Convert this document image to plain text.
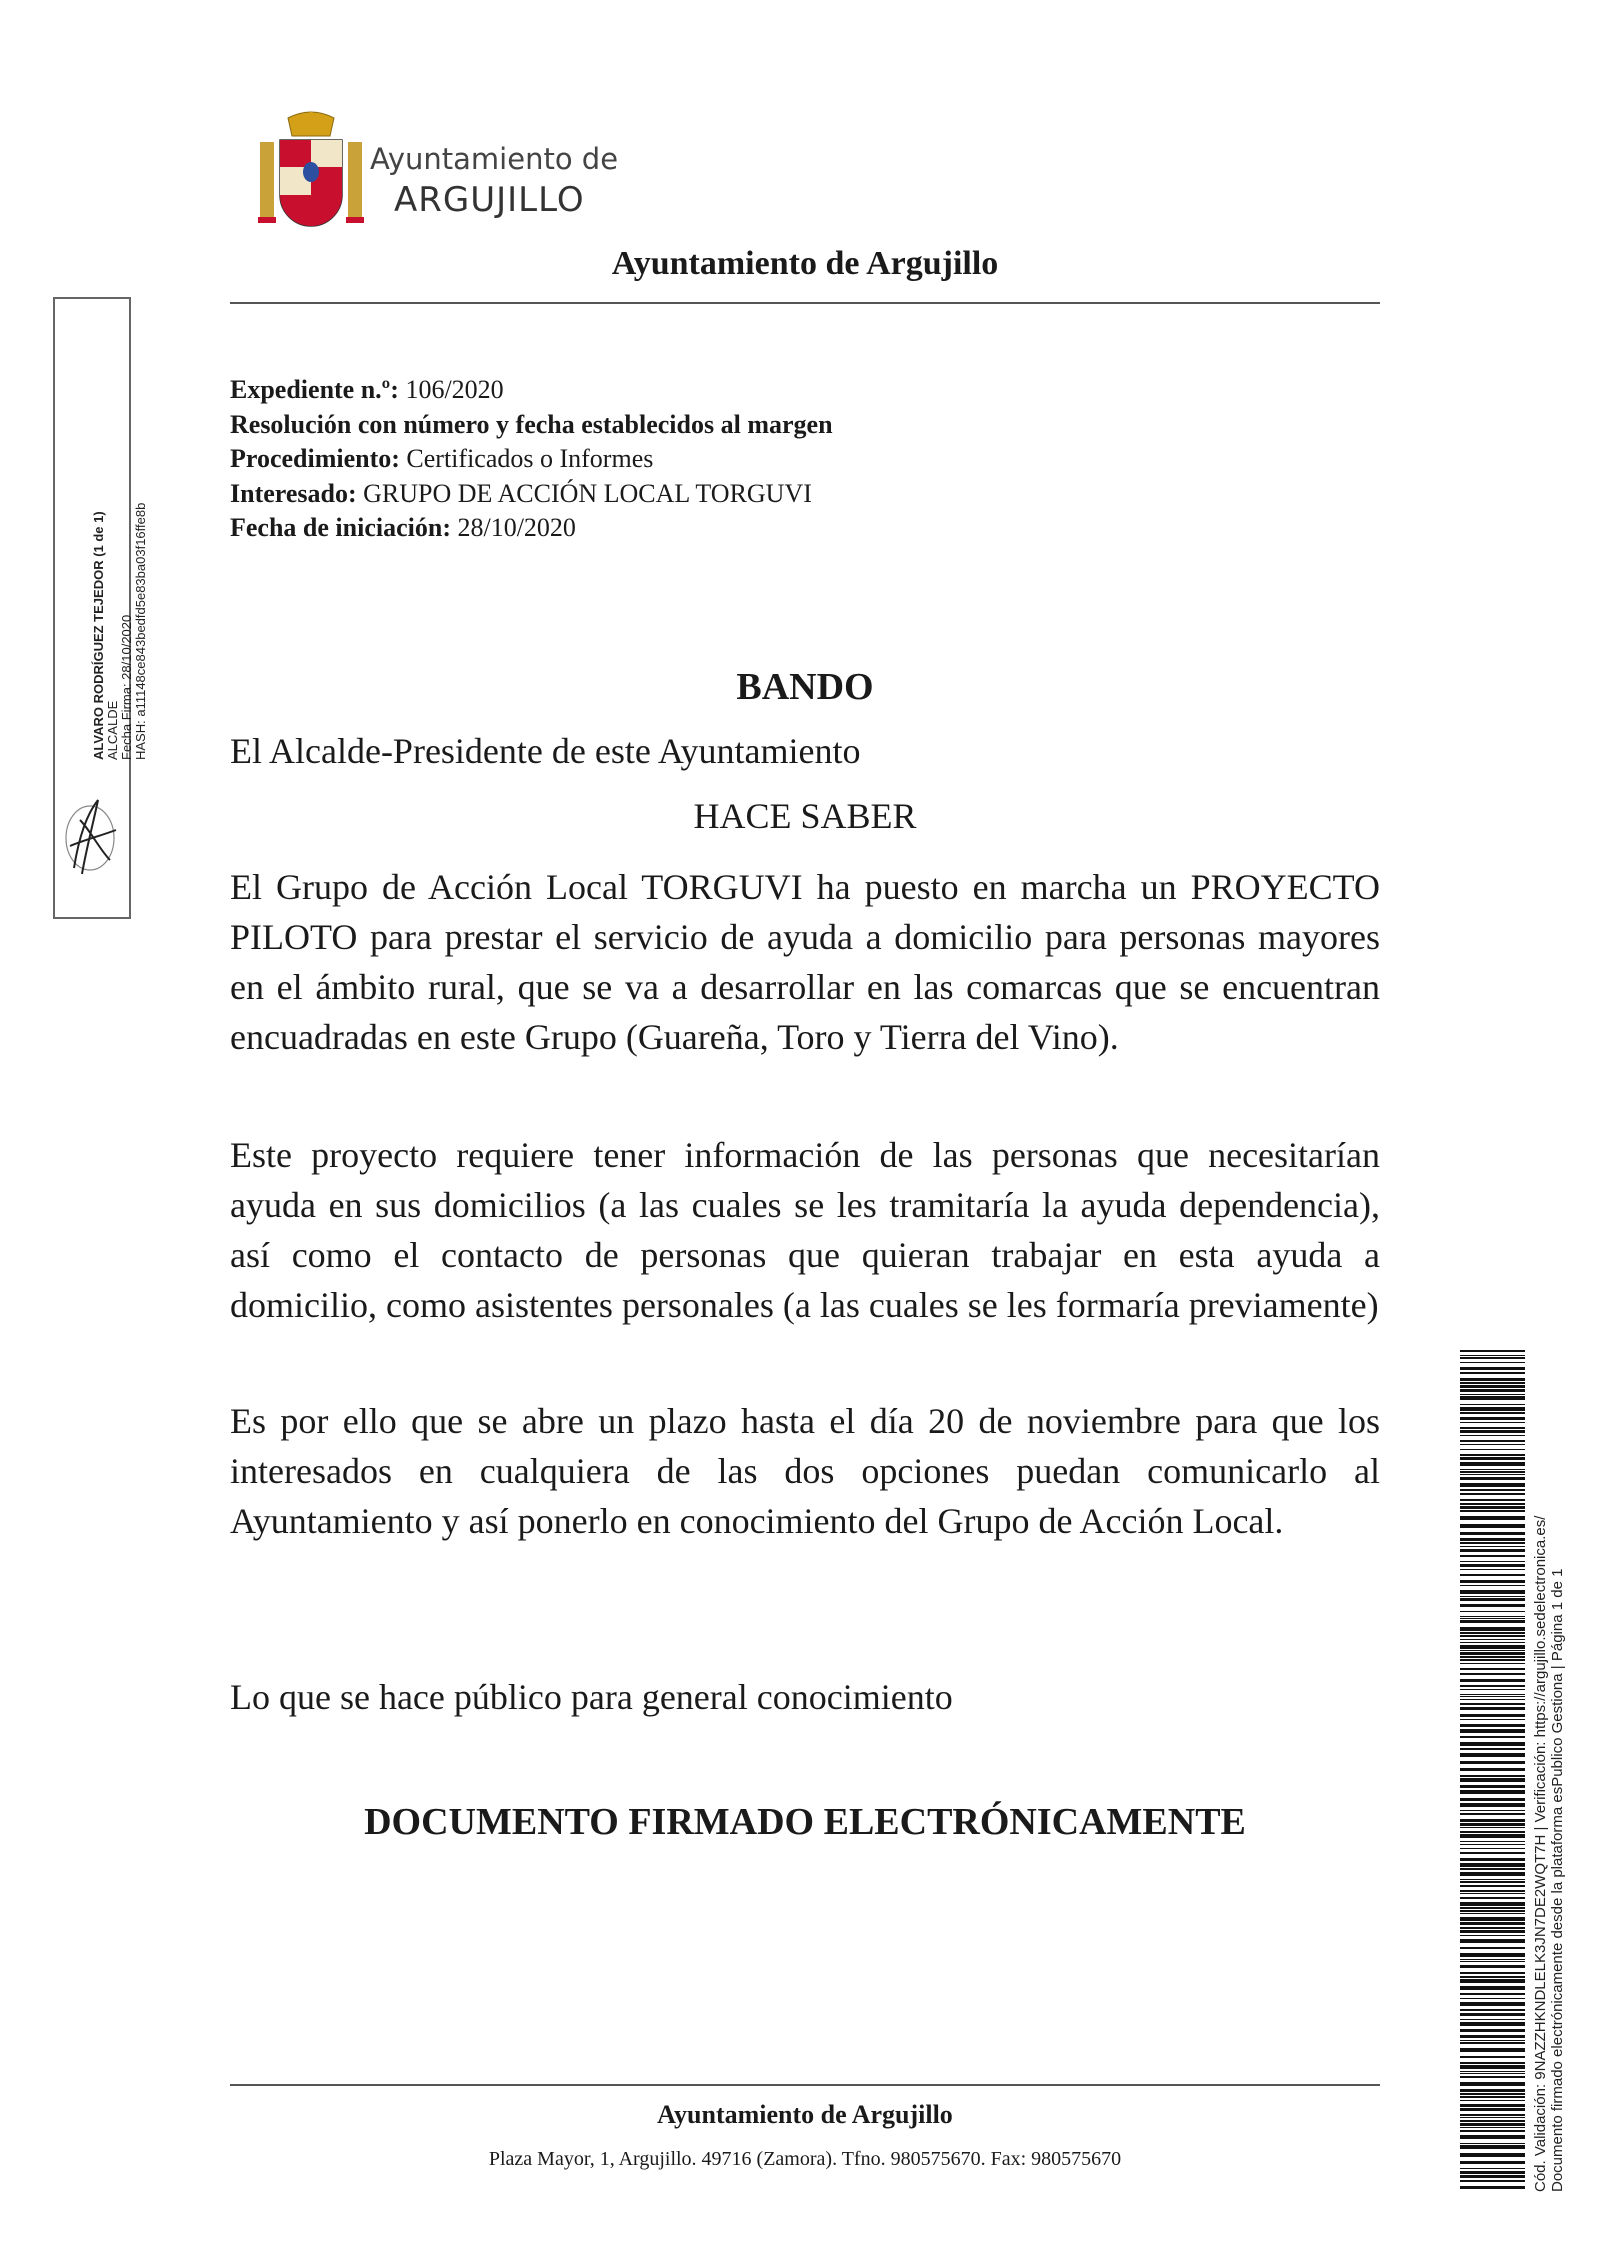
Ayuntamiento de
ARGUJILLO
Ayuntamiento de Argujillo
ALVARO RODRÍGUEZ TEJEDOR (1 de 1) ALCALDE Fecha Firma: 28/10/2020 HASH: a11148ce843bedfd5e83ba03f16ffe8b
Expediente n.º: 106/2020
Resolución con número y fecha establecidos al margen
Procedimiento: Certificados o Informes
Interesado: GRUPO DE ACCIÓN LOCAL TORGUVI
Fecha de iniciación: 28/10/2020
BANDO
El Alcalde-Presidente de este Ayuntamiento
HACE SABER

El Grupo de Acción Local TORGUVI ha puesto en marcha un PROYECTO PILOTO para prestar el servicio de ayuda a domicilio para personas mayores en el ámbito rural, que se va a desarrollar en las comarcas que se encuentran encuadradas en este Grupo (Guareña, Toro y Tierra del Vino).

Este proyecto requiere tener información de las personas que necesitarían ayuda en sus domicilios (a las cuales se les tramitaría la ayuda dependencia), así como el contacto de personas que quieran trabajar en esta ayuda a domicilio, como asistentes personales (a las cuales se les formaría previamente)

Es por ello que se abre un plazo hasta el día 20 de noviembre para que los interesados en cualquiera de las dos opciones puedan comunicarlo al Ayuntamiento y así ponerlo en conocimiento del Grupo de Acción Local.

Lo que se hace público para general conocimiento
DOCUMENTO FIRMADO ELECTRÓNICAMENTE
Ayuntamiento de Argujillo
Plaza Mayor, 1, Argujillo. 49716 (Zamora). Tfno. 980575670. Fax: 980575670	Cód. Validación: 9NAZZHKNDLELK3JN7DE2WQT7H | Verificación: https://argujillo.sedelectronica.es/ Documento firmado electrónicamente desde la plataforma esPublico Gestiona | Página 1 de 1
